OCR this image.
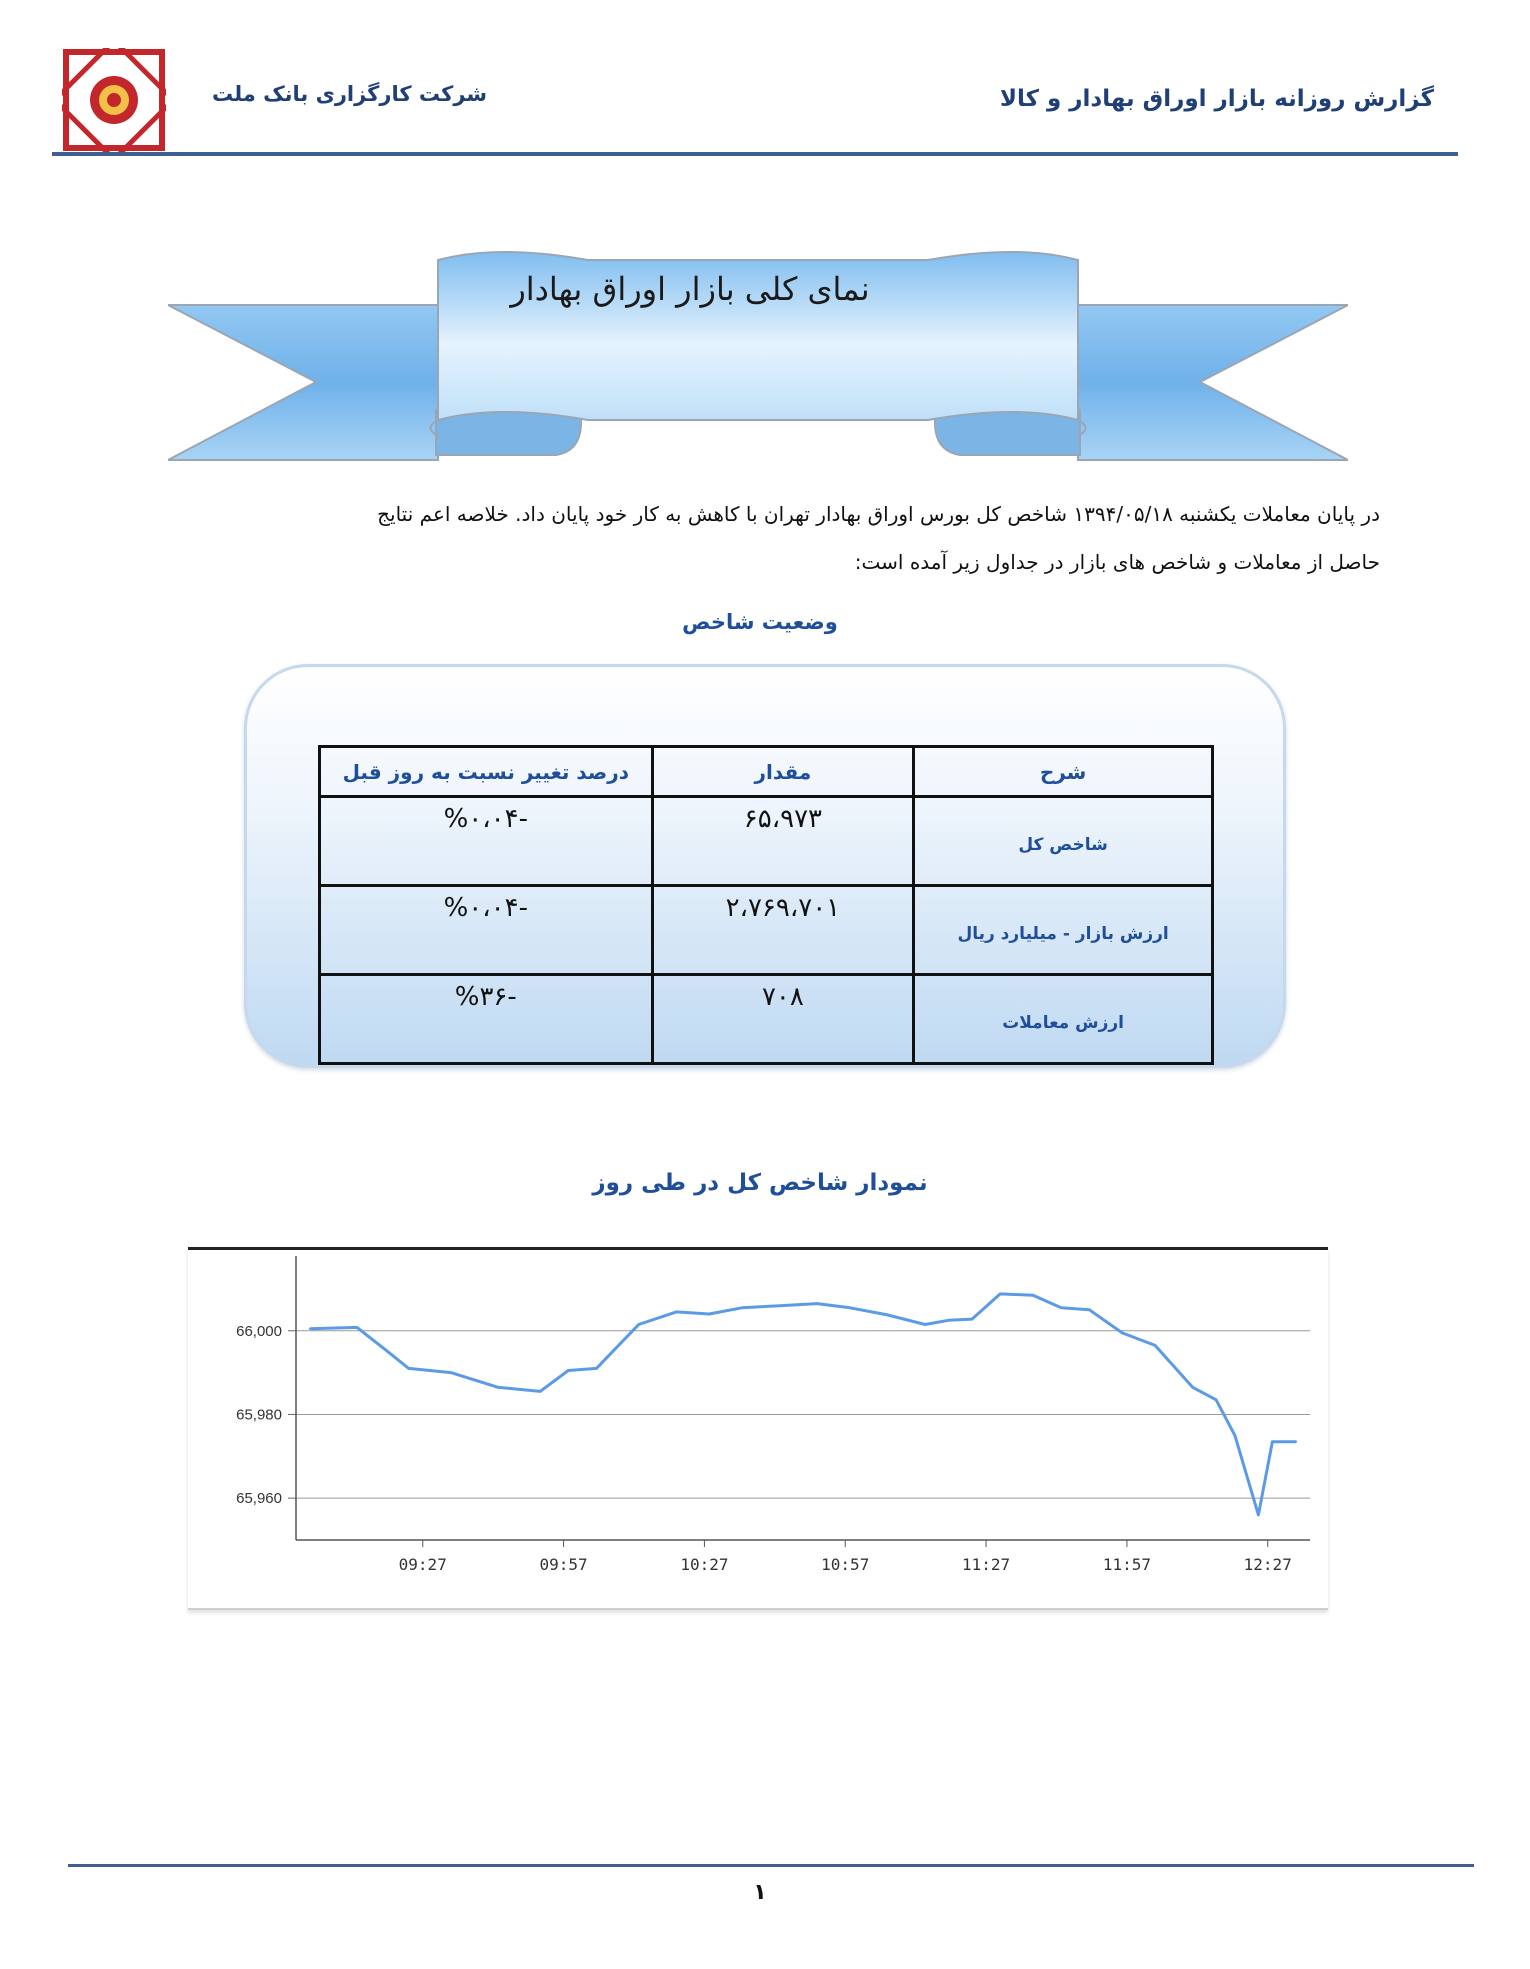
شرکت کارگزاری بانک ملت	گزارش روزانه بازار اوراق بهادار و کالا
نمای کلی بازار اوراق بهادار
در پایان معاملات یکشنبه ۱۳۹۴/۰۵/۱۸ شاخص کل بورس اوراق بهادار تهران با کاهش به کار خود پایان داد. خلاصه اعم نتایج
حاصل از معاملات و شاخص های بازار در جداول زیر آمده است:
وضعیت شاخص
شرح	مقدار	درصد تغییر نسبت به روز قبل
شاخص کل	۶۵،۹۷۳	-%۰،۰۴
ارزش بازار - میلیارد ریال	۲،۷۶۹،۷۰۱	-%۰،۰۴
ارزش معاملات	۷۰۸	-%۳۶
نمودار شاخص کل در طی روز
66,000
65,980
65,960
09:27	09:57	10:27	10:57	11:27	11:57	12:27
۱
